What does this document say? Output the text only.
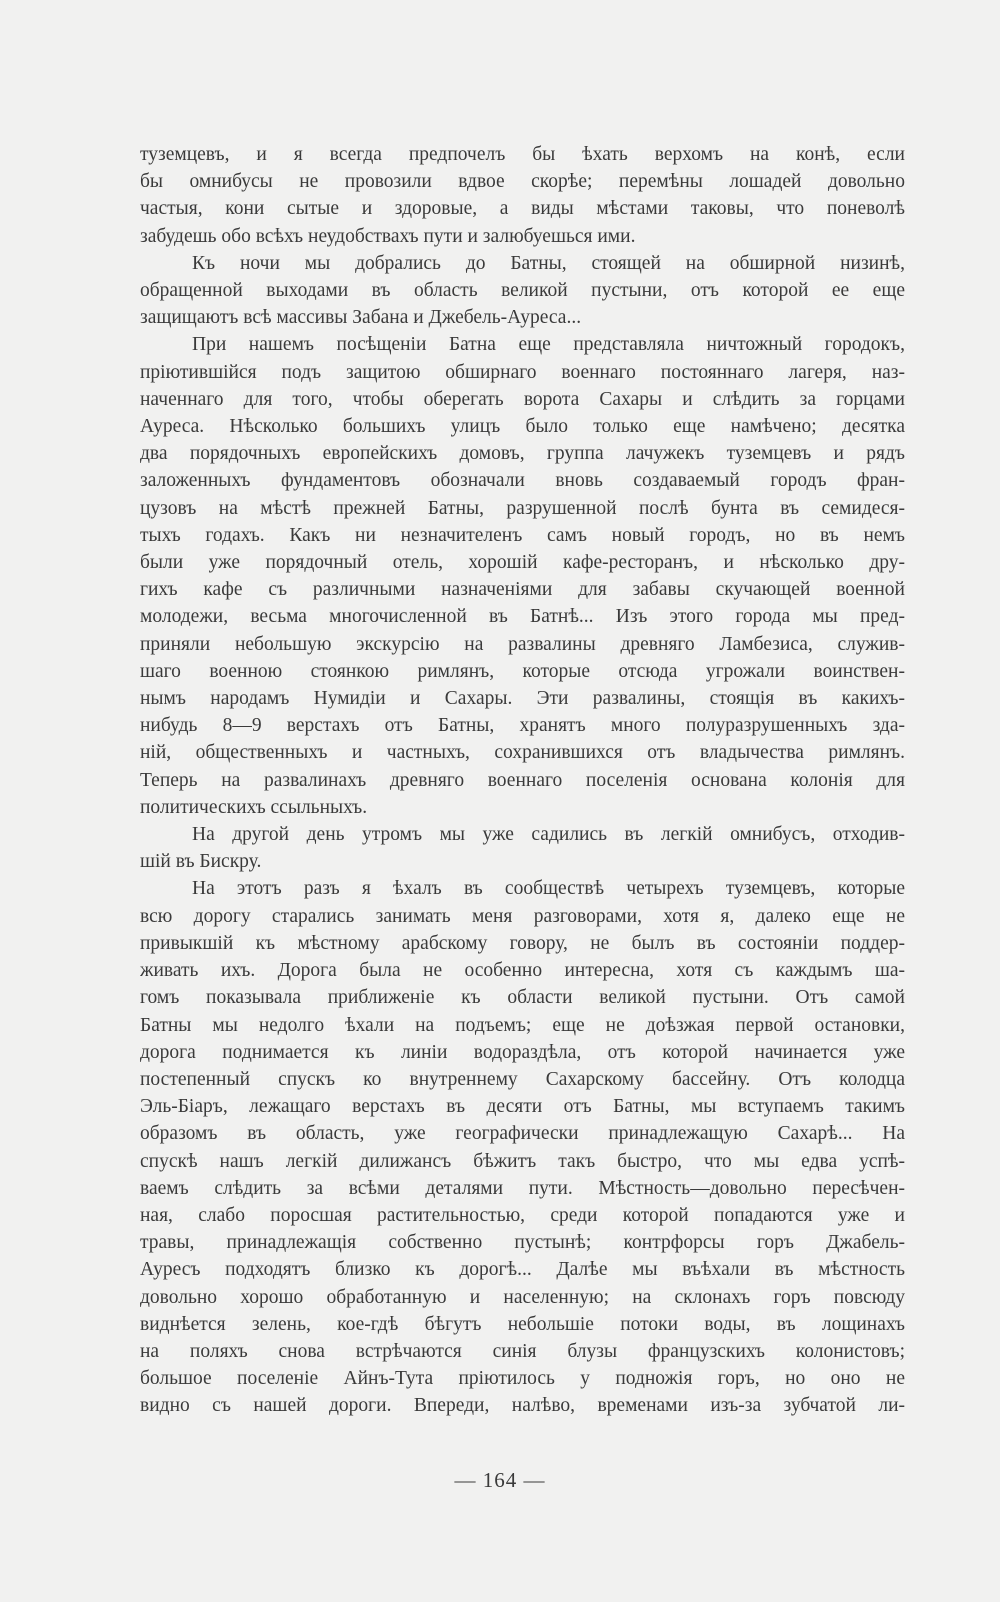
туземцевъ, и я всегда предпочелъ бы ѣхать верхомъ на конѣ, если
бы омнибусы не провозили вдвое скорѣе; перемѣны лошадей довольно
частыя, кони сытые и здоровые, а виды мѣстами таковы, что поневолѣ
забудешь обо всѣхъ неудобствахъ пути и залюбуешься ими.
Къ ночи мы добрались до Батны, стоящей на обширной низинѣ,
обращенной выходами въ область великой пустыни, отъ которой ее еще
защищаютъ всѣ массивы Забана и Джебель-Ауреса...
При нашемъ посѣщеніи Батна еще представляла ничтожный городокъ,
пріютившійся подъ защитою обширнаго военнаго постояннаго лагеря, наз-
наченнаго для того, чтобы оберегать ворота Сахары и слѣдить за горцами
Ауреса. Нѣсколько большихъ улицъ было только еще намѣчено; десятка
два порядочныхъ европейскихъ домовъ, группа лачужекъ туземцевъ и рядъ
заложенныхъ фундаментовъ обозначали вновь создаваемый городъ фран-
цузовъ на мѣстѣ прежней Батны, разрушенной послѣ бунта въ семидеся-
тыхъ годахъ. Какъ ни незначителенъ самъ новый городъ, но въ немъ
были уже порядочный отель, хорошій кафе-ресторанъ, и нѣсколько дру-
гихъ кафе съ различными назначеніями для забавы скучающей военной
молодежи, весьма многочисленной въ Батнѣ... Изъ этого города мы пред-
приняли небольшую экскурсію на развалины древняго Ламбезиса, служив-
шаго военною стоянкою римлянъ, которые отсюда угрожали воинствен-
нымъ народамъ Нумидіи и Сахары. Эти развалины, стоящія въ какихъ-
нибудь 8—9 верстахъ отъ Батны, хранятъ много полуразрушенныхъ зда-
ній, общественныхъ и частныхъ, сохранившихся отъ владычества римлянъ.
Теперь на развалинахъ древняго военнаго поселенія основана колонія для
политическихъ ссыльныхъ.
На другой день утромъ мы уже садились въ легкій омнибусъ, отходив-
шій въ Бискру.
На этотъ разъ я ѣхалъ въ сообществѣ четырехъ туземцевъ, которые
всю дорогу старались занимать меня разговорами, хотя я, далеко еще не
привыкшій къ мѣстному арабскому говору, не былъ въ состояніи поддер-
живать ихъ. Дорога была не особенно интересна, хотя съ каждымъ ша-
гомъ показывала приближеніе къ области великой пустыни. Отъ самой
Батны мы недолго ѣхали на подъемъ; еще не доѣзжая первой остановки,
дорога поднимается къ линіи водораздѣла, отъ которой начинается уже
постепенный спускъ ко внутреннему Сахарскому бассейну. Отъ колодца
Эль-Біаръ, лежащаго верстахъ въ десяти отъ Батны, мы вступаемъ такимъ
образомъ въ область, уже географически принадлежащую Сахарѣ... На
спускѣ нашъ легкій дилижансъ бѣжитъ такъ быстро, что мы едва успѣ-
ваемъ слѣдить за всѣми деталями пути. Мѣстность—довольно пересѣчен-
ная, слабо поросшая растительностью, среди которой попадаются уже и
травы, принадлежащія собственно пустынѣ; контрфорсы горъ Джабель-
Ауресъ подходятъ близко къ дорогѣ... Далѣе мы въѣхали въ мѣстность
довольно хорошо обработанную и населенную; на склонахъ горъ повсюду
виднѣется зелень, кое-гдѣ бѣгутъ небольшіе потоки воды, въ лощинахъ
на поляхъ снова встрѣчаются синія блузы французскихъ колонистовъ;
большое поселеніе Айнъ-Тута пріютилось у подножія горъ, но оно не
видно съ нашей дороги. Впереди, налѣво, временами изъ-за зубчатой ли-
— 164 —
